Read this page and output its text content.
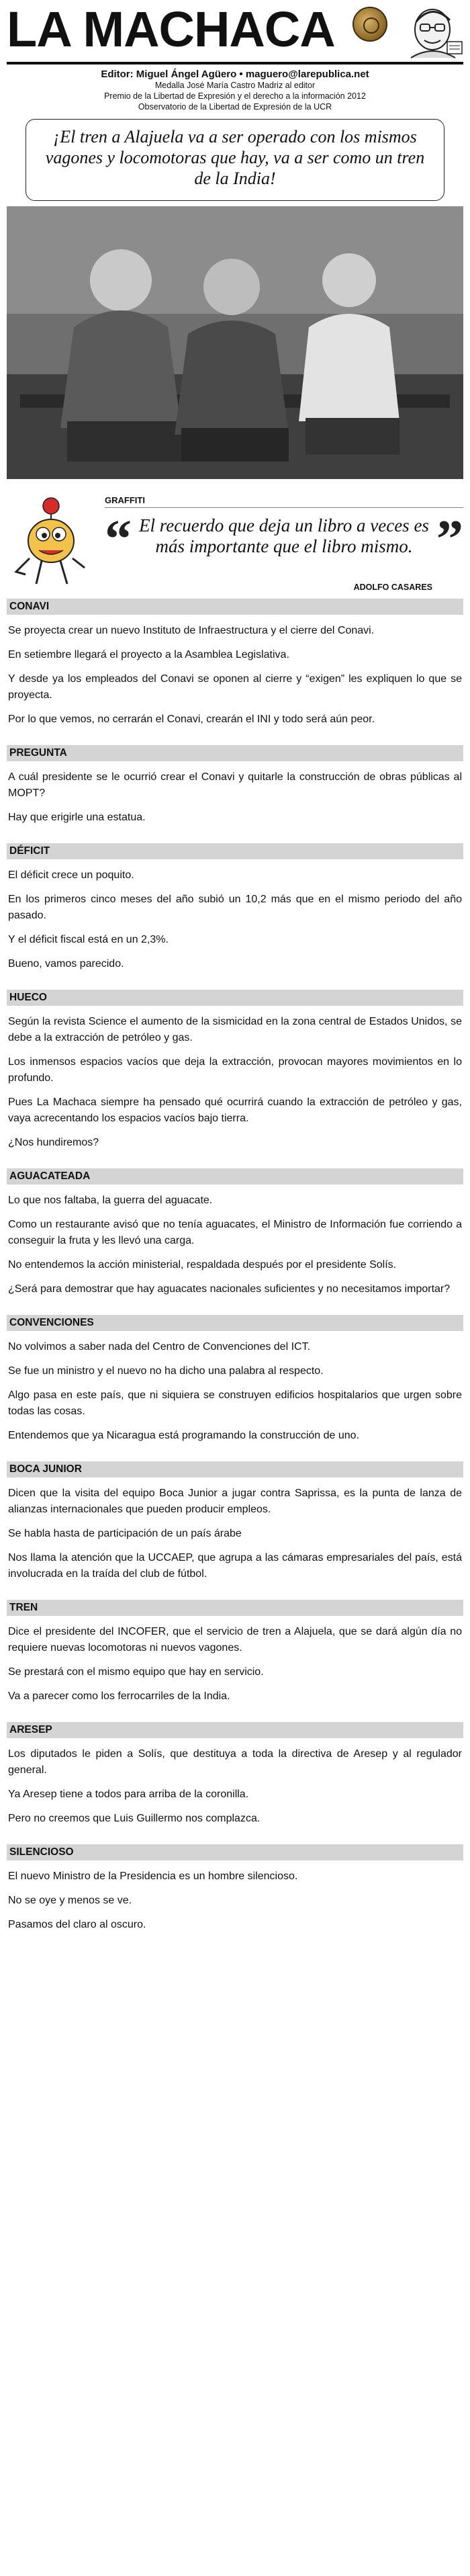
LA MACHACA
Editor: Miguel Ángel Agüero • maguero@larepublica.net
Medalla José María Castro Madriz al editor
Premio de la Libertad de Expresión y el derecho a la información 2012
Observatorio de la Libertad de Expresión de la UCR
¡El tren a Alajuela va a ser operado con los mismos vagones y locomotoras que hay, va a ser como un tren de la India!
GRAFFITI
“ El recuerdo que deja un libro a veces es más importante que el libro mismo. ”
ADOLFO CASARES
CONAVI

Se proyecta crear un nuevo Instituto de Infraestructura y el cierre del Conavi.

En setiembre llegará el proyecto a la Asamblea Legislativa.

Y desde ya los empleados del Conavi se oponen al cierre y “exigen” les expliquen lo que se proyecta.

Por lo que vemos, no cerrarán el Conavi, crearán el INI y todo será aún peor.

PREGUNTA

A cuál presidente se le ocurrió crear el Conavi y quitarle la construcción de obras públicas al MOPT?

Hay que erigirle una estatua.

DÉFICIT

El déficit crece un poquito.

En los primeros cinco meses del año subió un 10,2 más que en el mismo periodo del año pasado.

Y el déficit fiscal está en un 2,3%.

Bueno, vamos parecido.

HUECO

Según la revista Science el aumento de la sismicidad en la zona central de Estados Unidos, se debe a la extracción de petróleo y gas.

Los inmensos espacios vacíos que deja la extracción, provocan mayores movimientos en lo profundo.

Pues La Machaca siempre ha pensado qué ocurrirá cuando la extracción de petróleo y gas, vaya acrecentando los espacios vacíos bajo tierra.

¿Nos hundiremos?

AGUACATEADA

Lo que nos faltaba, la guerra del aguacate.

Como un restaurante avisó que no tenía aguacates, el Ministro de Información fue corriendo a conseguir la fruta y les llevó una carga.

No entendemos la acción ministerial, respaldada después por el presidente Solís.

¿Será para demostrar que hay aguacates nacionales suficientes y no necesitamos importar?

CONVENCIONES

No volvimos a saber nada del Centro de Convenciones del ICT.

Se fue un ministro y el nuevo no ha dicho una palabra al respecto.

Algo pasa en este país, que ni siquiera se construyen edificios hospitalarios que urgen sobre todas las cosas.

Entendemos que ya Nicaragua está programando la construcción de uno.

BOCA JUNIOR

Dicen que la visita del equipo Boca Junior a jugar contra Saprissa, es la punta de lanza de alianzas internacionales que pueden producir empleos.

Se habla hasta de participación de un país árabe

Nos llama la atención que la UCCAEP, que agrupa a las cámaras empresariales del país, está involucrada en la traída del club de fútbol.

TREN

Dice el presidente del INCOFER, que el servicio de tren a Alajuela, que se dará algún día no requiere nuevas locomotoras ni nuevos vagones.

Se prestará con el mismo equipo que hay en servicio.

Va a parecer como los ferrocarriles de la India.

ARESEP

Los diputados le piden a Solís, que destituya a toda la directiva de Aresep y al regulador general.

Ya Aresep tiene a todos para arriba de la coronilla.

Pero no creemos que Luis Guillermo nos complazca.

SILENCIOSO

El nuevo Ministro de la Presidencia es un hombre silencioso.

No se oye y menos se ve.

Pasamos del claro al oscuro.
